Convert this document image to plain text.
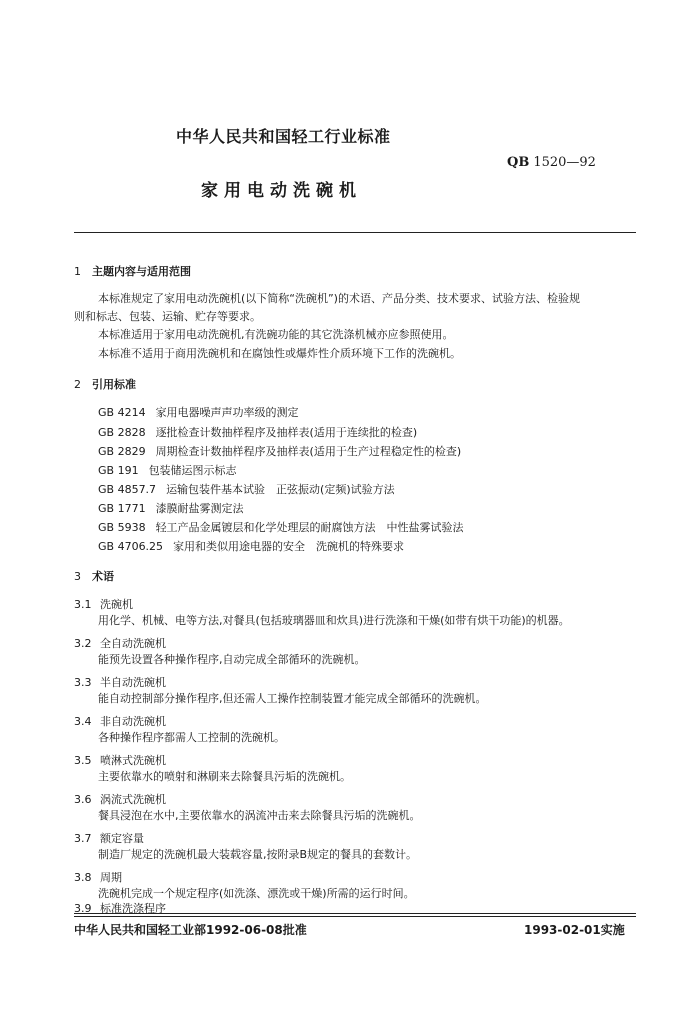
中华人民共和国轻工行业标准
QB 1520—92
家用电动洗碗机
1 主题内容与适用范围
本标准规定了家用电动洗碗机(以下简称“洗碗机”)的术语、产品分类、技术要求、试验方法、检验规
则和标志、包装、运输、贮存等要求。
本标准适用于家用电动洗碗机,有洗碗功能的其它洗涤机械亦应参照使用。
本标准不适用于商用洗碗机和在腐蚀性或爆炸性介质环境下工作的洗碗机。
2 引用标准
GB 4214 家用电器噪声声功率级的测定
GB 2828 逐批检查计数抽样程序及抽样表(适用于连续批的检查)
GB 2829 周期检查计数抽样程序及抽样表(适用于生产过程稳定性的检查)
GB 191 包装储运图示标志
GB 4857.7 运输包装件基本试验　正弦振动(定频)试验方法
GB 1771 漆膜耐盐雾测定法
GB 5938 轻工产品金属镀层和化学处理层的耐腐蚀方法　中性盐雾试验法
GB 4706.25 家用和类似用途电器的安全　洗碗机的特殊要求
3 术语
3.1 洗碗机
用化学、机械、电等方法,对餐具(包括玻璃器皿和炊具)进行洗涤和干燥(如带有烘干功能)的机器。
3.2 全自动洗碗机
能预先设置各种操作程序,自动完成全部循环的洗碗机。
3.3 半自动洗碗机
能自动控制部分操作程序,但还需人工操作控制装置才能完成全部循环的洗碗机。
3.4 非自动洗碗机
各种操作程序都需人工控制的洗碗机。
3.5 喷淋式洗碗机
主要依靠水的喷射和淋刷来去除餐具污垢的洗碗机。
3.6 涡流式洗碗机
餐具浸泡在水中,主要依靠水的涡流冲击来去除餐具污垢的洗碗机。
3.7 额定容量
制造厂规定的洗碗机最大装载容量,按附录B规定的餐具的套数计。
3.8 周期
洗碗机完成一个规定程序(如洗涤、漂洗或干燥)所需的运行时间。
3.9 标准洗涤程序
中华人民共和国轻工业部1992-06-08批准	1993-02-01实施
